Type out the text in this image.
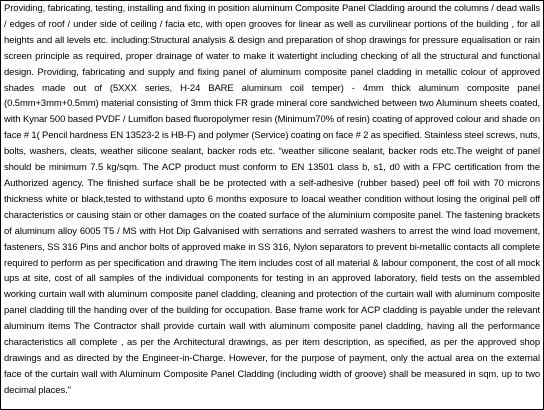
Providing, fabricating, testing, installing and fixing in position aluminum Composite Panel Cladding around the columns / dead walls / edges of roof / under side of ceiling / facia etc, with open grooves for linear as well as curvilinear portions of the building , for all heights and all levels etc. including:Structural analysis & design and preparation of shop drawings for pressure equalisation or rain screen principle as required, proper drainage of water to make it watertight including checking of all the structural and functional design. Providing, fabricating and supply and fixing panel of aluminum composite panel cladding in metallic colour of approved shades made out of (5XXX series, H-24 BARE aluminum coil temper) - 4mm thick aluminum composite panel (0.5mm+3mm+0.5mm) material consisting of 3mm thick FR grade mineral core sandwiched between two Aluminum sheets coated, with Kynar 500 based PVDF / Lumiflon based fluoropolymer resin (Minimum70% of resin) coating of approved colour and shade on face # 1( Pencil hardness EN 13523-2 is HB-F) and polymer (Service) coating on face # 2 as specified. Stainless steel screws, nuts, bolts, washers, cleats, weather silicone sealant, backer rods etc. “weather silicone sealant, backer rods etc.The weight of panel should be minimum 7.5 kg/sqm. The ACP product must conform to EN 13501 class b, s1, d0 with a FPC certification from the Authorized agency. The finished surface shall be be protected with a self-adhesive (rubber based) peel off foil with 70 microns thickness white or black,tested to withstand upto 6 months exposure to loacal weather condition without losing the original pell off characteristics or causing stain or other damages on the coated surface of the aluminium composite panel. The fastening brackets of aluminum alloy 6005 T5 / MS with Hot Dip Galvanised with serrations and serrated washers to arrest the wind load movement, fasteners, SS 316 Pins and anchor bolts of approved make in SS 316, Nylon separators to prevent bi-metallic contacts all complete required to perform as per specification and drawing The item includes cost of all material & labour component, the cost of all mock ups at site, cost of all samples of the individual components for testing in an approved laboratory, field tests on the assembled working curtain wall with aluminum composite panel cladding, cleaning and protection of the curtain wall with aluminum composite panel cladding till the handing over of the building for occupation. Base frame work for ACP cladding is payable under the relevant aluminum items The Contractor shall provide curtain wall with aluminum composite panel cladding, having all the performance characteristics all complete , as per the Architectural drawings, as per item description, as specified, as per the approved shop drawings and as directed by the Engineer-in-Charge. However, for the purpose of payment, only the actual area on the external face of the curtain wall with Aluminum Composite Panel Cladding (including width of groove) shall be measured in sqm. up to two decimal places."
